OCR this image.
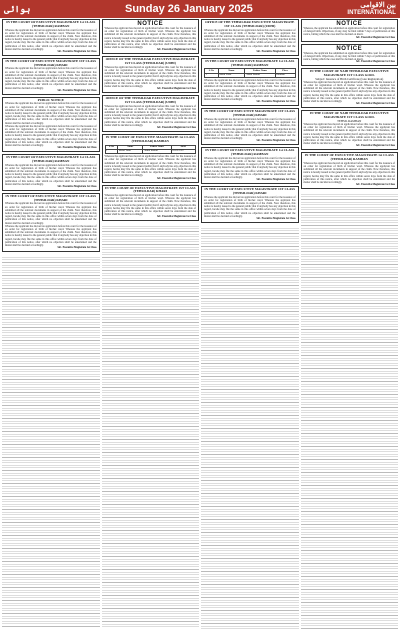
ہوائی	Sunday 26 January 2025	بین الاقوامی
INTERNATIONAL
IN THE COURT OF EXECUTIVE MAGISTRATE 1st CLASS (TEHSILDAR) RAMBAN
Whereas the applicant has moved an application before this court for the issuance of an order for registration of birth of his/her ward. Whereas the applicant has submitted all the relevant documents in support of the claim. Now therefore, this notice is hereby issued to the general public that if anybody has any objection in this regard, he/she may file the same in this office within seven days from the date of publication of this notice, after which no objection shall be entertained and the matter shall be decided accordingly.
Sd/- Executive Magistrate 1st Class
IN THE COURT OF EXECUTIVE MAGISTRATE 1ST CLASS (TEHSILDAR) KHARI
Whereas the applicant has moved an application before this court for the issuance of an order for registration of birth of his/her ward. Whereas the applicant has submitted all the relevant documents in support of the claim. Now therefore, this notice is hereby issued to the general public that if anybody has any objection in this regard, he/she may file the same in this office within seven days from the date of publication of this notice, after which no objection shall be entertained and the matter shall be decided accordingly.
Sd/- Executive Magistrate 1st Class
PUBLIC NOTICE
Whereas the applicant has moved an application before this court for the issuance of an order for registration of birth of his/her ward. Whereas the applicant has submitted all the relevant documents in support of the claim. Now therefore, this notice is hereby issued to the general public that if anybody has any objection in this regard, he/she may file the same in this office within seven days from the date of publication of this notice, after which no objection shall be entertained and the matter shall be decided accordingly.
Whereas the applicant has moved an application before this court for the issuance of an order for registration of birth of his/her ward. Whereas the applicant has submitted all the relevant documents in support of the claim. Now therefore, this notice is hereby issued to the general public that if anybody has any objection in this regard, he/she may file the same in this office within seven days from the date of publication of this notice, after which no objection shall be entertained and the matter shall be decided accordingly.
Sd/- Executive Magistrate 1st Class
IN THE COURT OF EXECUTIVE MAGISTRATE 1st CLASS (TEHSILDAR) RAMBAN
Whereas the applicant has moved an application before this court for the issuance of an order for registration of birth of his/her ward. Whereas the applicant has submitted all the relevant documents in support of the claim. Now therefore, this notice is hereby issued to the general public that if anybody has any objection in this regard, he/she may file the same in this office within seven days from the date of publication of this notice, after which no objection shall be entertained and the matter shall be decided accordingly.
Sd/- Executive Magistrate 1st Class
IN THE COURT OF EXECUTIVE MAGISTRATE 1ST CLASS (TEHSILDAR) KHARI
Whereas the applicant has moved an application before this court for the issuance of an order for registration of birth of his/her ward. Whereas the applicant has submitted all the relevant documents in support of the claim. Now therefore, this notice is hereby issued to the general public that if anybody has any objection in this regard, he/she may file the same in this office within seven days from the date of publication of this notice, after which no objection shall be entertained and the matter shall be decided accordingly.
Whereas the applicant has moved an application before this court for the issuance of an order for registration of birth of his/her ward. Whereas the applicant has submitted all the relevant documents in support of the claim. Now therefore, this notice is hereby issued to the general public that if anybody has any objection in this regard, he/she may file the same in this office within seven days from the date of publication of this notice, after which no objection shall be entertained and the matter shall be decided accordingly.
Sd/- Executive Magistrate 1st Class
NOTICE
Whereas the applicant has moved an application before this court for the issuance of an order for registration of birth of his/her ward. Whereas the applicant has submitted all the relevant documents in support of the claim. Now therefore, this notice is hereby issued to the general public that if anybody has any objection in this regard, he/she may file the same in this office within seven days from the date of publication of this notice, after which no objection shall be entertained and the matter shall be decided accordingly.
Sd/- Executive Magistrate 1st Class
OFFICE OF THE TEHSILDAR EXECUTIVE MAGISTRATE 1ST CLASS (TEHSILDAR) (UDHI)
Whereas the applicant has moved an application before this court for the issuance of an order for registration of birth of his/her ward. Whereas the applicant has submitted all the relevant documents in support of the claim. Now therefore, this notice is hereby issued to the general public that if anybody has any objection in this regard, he/she may file the same in this office within seven days from the date of publication of this notice, after which no objection shall be entertained and the matter shall be decided accordingly.
Sd/- Executive Magistrate 1st Class
OFFICE OF THE TEHSILDAR EXECUTIVE MAGISTRATE 1ST CLASS (TEHSILDAR) (UDHI)
Whereas the applicant has moved an application before this court for the issuance of an order for registration of birth of his/her ward. Whereas the applicant has submitted all the relevant documents in support of the claim. Now therefore, this notice is hereby issued to the general public that if anybody has any objection in this regard, he/she may file the same in this office within seven days from the date of publication of this notice, after which no objection shall be entertained and the matter shall be decided accordingly.
Sd/- Executive Magistrate 1st Class
IN THE COURT OF EXECUTIVE MAGISTRATE 1st CLASS (TEHSILDAR) RAMBAN
S.No	Name	Father Name	DOB
1	Mohd Yasin	Abdul Rashid	16-03-1997
Whereas the applicant has moved an application before this court for the issuance of an order for registration of birth of his/her ward. Whereas the applicant has submitted all the relevant documents in support of the claim. Now therefore, this notice is hereby issued to the general public that if anybody has any objection in this regard, he/she may file the same in this office within seven days from the date of publication of this notice, after which no objection shall be entertained and the matter shall be decided accordingly.
Sd/- Executive Magistrate 1st Class
IN THE COURT OF EXECUTIVE MAGISTRATE 1ST CLASS (TEHSILDAR) KHARI
Whereas the applicant has moved an application before this court for the issuance of an order for registration of birth of his/her ward. Whereas the applicant has submitted all the relevant documents in support of the claim. Now therefore, this notice is hereby issued to the general public that if anybody has any objection in this regard, he/she may file the same in this office within seven days from the date of publication of this notice, after which no objection shall be entertained and the matter shall be decided accordingly.
Sd/- Executive Magistrate 1st Class
OFFICE OF THE TEHSILDAR EXECUTIVE MAGISTRATE 1ST CLASS (TEHSILDAR) (UDHI)
Whereas the applicant has moved an application before this court for the issuance of an order for registration of birth of his/her ward. Whereas the applicant has submitted all the relevant documents in support of the claim. Now therefore, this notice is hereby issued to the general public that if anybody has any objection in this regard, he/she may file the same in this office within seven days from the date of publication of this notice, after which no objection shall be entertained and the matter shall be decided accordingly.
Sd/- Executive Magistrate 1st Class
IN THE COURT OF EXECUTIVE MAGISTRATE 1st CLASS (TEHSILDAR) RAMBAN
S.No	Name	Father Name	Place
1	Mohd Yasin	Abdul Rashid	Ramban
Whereas the applicant has moved an application before this court for the issuance of an order for registration of birth of his/her ward. Whereas the applicant has submitted all the relevant documents in support of the claim. Now therefore, this notice is hereby issued to the general public that if anybody has any objection in this regard, he/she may file the same in this office within seven days from the date of publication of this notice, after which no objection shall be entertained and the matter shall be decided accordingly.
Sd/- Executive Magistrate 1st Class
IN THE COURT OF EXECUTIVE MAGISTRATE 1ST CLASS (TEHSILDAR) KHARI
Whereas the applicant has moved an application before this court for the issuance of an order for registration of birth of his/her ward. Whereas the applicant has submitted all the relevant documents in support of the claim. Now therefore, this notice is hereby issued to the general public that if anybody has any objection in this regard, he/she may file the same in this office within seven days from the date of publication of this notice, after which no objection shall be entertained and the matter shall be decided accordingly.
Sd/- Executive Magistrate 1st Class
IN THE COURT OF EXECUTIVE MAGISTRATE 1st CLASS (TEHSILDAR) RAMBAN
Whereas the applicant has moved an application before this court for the issuance of an order for registration of birth of his/her ward. Whereas the applicant has submitted all the relevant documents in support of the claim. Now therefore, this notice is hereby issued to the general public that if anybody has any objection in this regard, he/she may file the same in this office within seven days from the date of publication of this notice, after which no objection shall be entertained and the matter shall be decided accordingly.
Sd/- Executive Magistrate 1st Class
IN THE COURT OF EXECUTIVE MAGISTRATE 1ST CLASS (TEHSILDAR) KHARI
Whereas the applicant has moved an application before this court for the issuance of an order for registration of birth of his/her ward. Whereas the applicant has submitted all the relevant documents in support of the claim. Now therefore, this notice is hereby issued to the general public that if anybody has any objection in this regard, he/she may file the same in this office within seven days from the date of publication of this notice, after which no objection shall be entertained and the matter shall be decided accordingly.
Sd/- Executive Magistrate 1st Class
NOTICE
Whereas, the applicant has submitted an application before this court for registration of delayed birth. Objections, if any, may be filed within 7 days of publication of this notice, failing which the case shall be decided on merit.
Sd/- Executive Magistrate 1st Class
NOTICE
Whereas, the applicant has submitted an application before this court for registration of delayed birth. Objections, if any, may be filed within 7 days of publication of this notice, failing which the case shall be decided on merit.
Sd/- Executive Magistrate 1st Class
IN THE COURT OF NAIB TEHSILDAR EXECUTIVE MAGISTRATE 1ST CLASS GOOL
Subject: Issuance of Birth Certificate (Late Registration)
Whereas the applicant has moved an application before this court for the issuance of an order for registration of birth of his/her ward. Whereas the applicant has submitted all the relevant documents in support of the claim. Now therefore, this notice is hereby issued to the general public that if anybody has any objection in this regard, he/she may file the same in this office within seven days from the date of publication of this notice, after which no objection shall be entertained and the matter shall be decided accordingly.
Sd/- Executive Magistrate 1st Class
IN THE COURT OF NAIB TEHSILDAR EXECUTIVE MAGISTRATE 1ST CLASS GOOL
TEHSIL RAMBAN
Whereas the applicant has moved an application before this court for the issuance of an order for registration of birth of his/her ward. Whereas the applicant has submitted all the relevant documents in support of the claim. Now therefore, this notice is hereby issued to the general public that if anybody has any objection in this regard, he/she may file the same in this office within seven days from the date of publication of this notice, after which no objection shall be entertained and the matter shall be decided accordingly.
Sd/- Executive Magistrate 1st Class
IN THE COURT OF EXECUTIVE MAGISTRATE 1st CLASS (TEHSILDAR) RAMBAN
Whereas the applicant has moved an application before this court for the issuance of an order for registration of birth of his/her ward. Whereas the applicant has submitted all the relevant documents in support of the claim. Now therefore, this notice is hereby issued to the general public that if anybody has any objection in this regard, he/she may file the same in this office within seven days from the date of publication of this notice, after which no objection shall be entertained and the matter shall be decided accordingly.
Sd/- Executive Magistrate 1st Class
